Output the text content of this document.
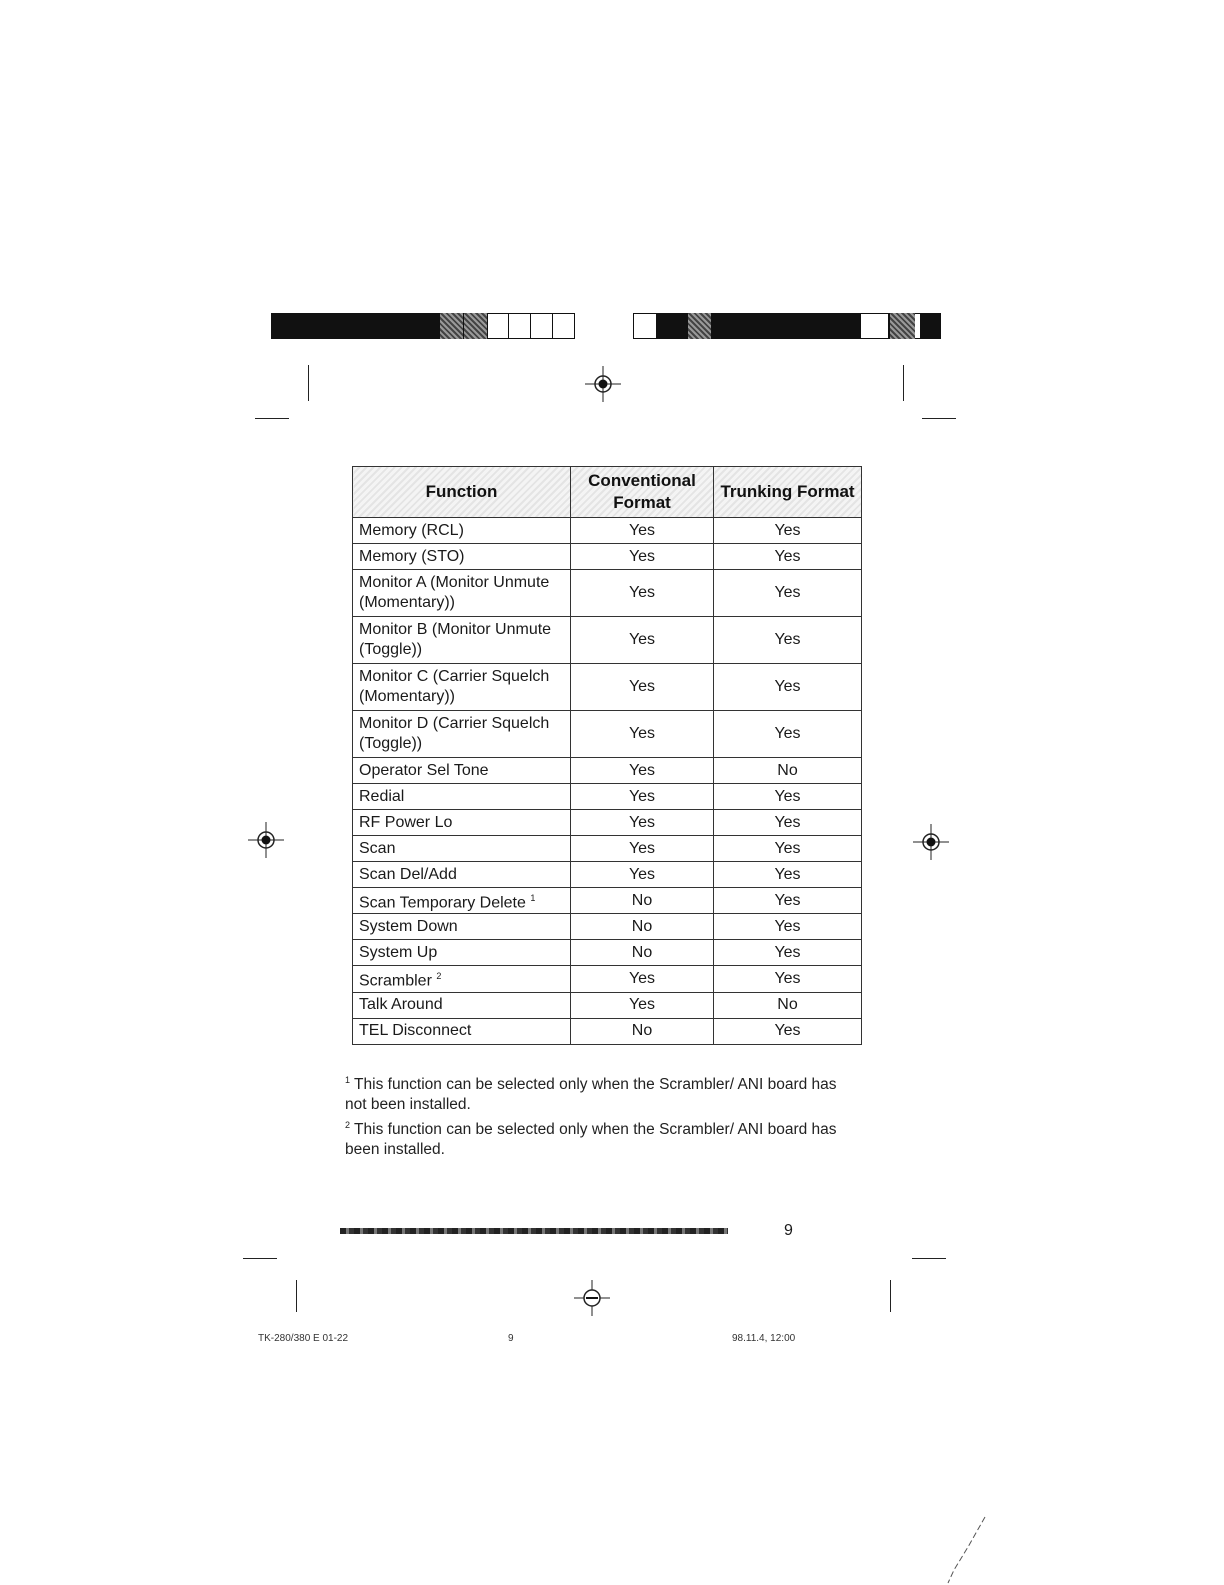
Function	Conventional Format	Trunking Format
Memory (RCL)	Yes	Yes
Memory (STO)	Yes	Yes
Monitor A (Monitor Unmute (Momentary))	Yes	Yes
Monitor B (Monitor Unmute (Toggle))	Yes	Yes
Monitor C (Carrier Squelch (Momentary))	Yes	Yes
Monitor D (Carrier Squelch (Toggle))	Yes	Yes
Operator Sel Tone	Yes	No
Redial	Yes	Yes
RF Power Lo	Yes	Yes
Scan	Yes	Yes
Scan Del/Add	Yes	Yes
Scan Temporary Delete $^1$	No	Yes
System Down	No	Yes
System Up	No	Yes
Scrambler $^2$	Yes	Yes
Talk Around	Yes	No
TEL Disconnect	No	Yes
$^1$ This function can be selected only when the Scrambler/ ANI board has not been installed.
$^2$ This function can be selected only when the Scrambler/ ANI board has been installed.
9
TK-280/380 E 01-22	9	98.11.4, 12:00
